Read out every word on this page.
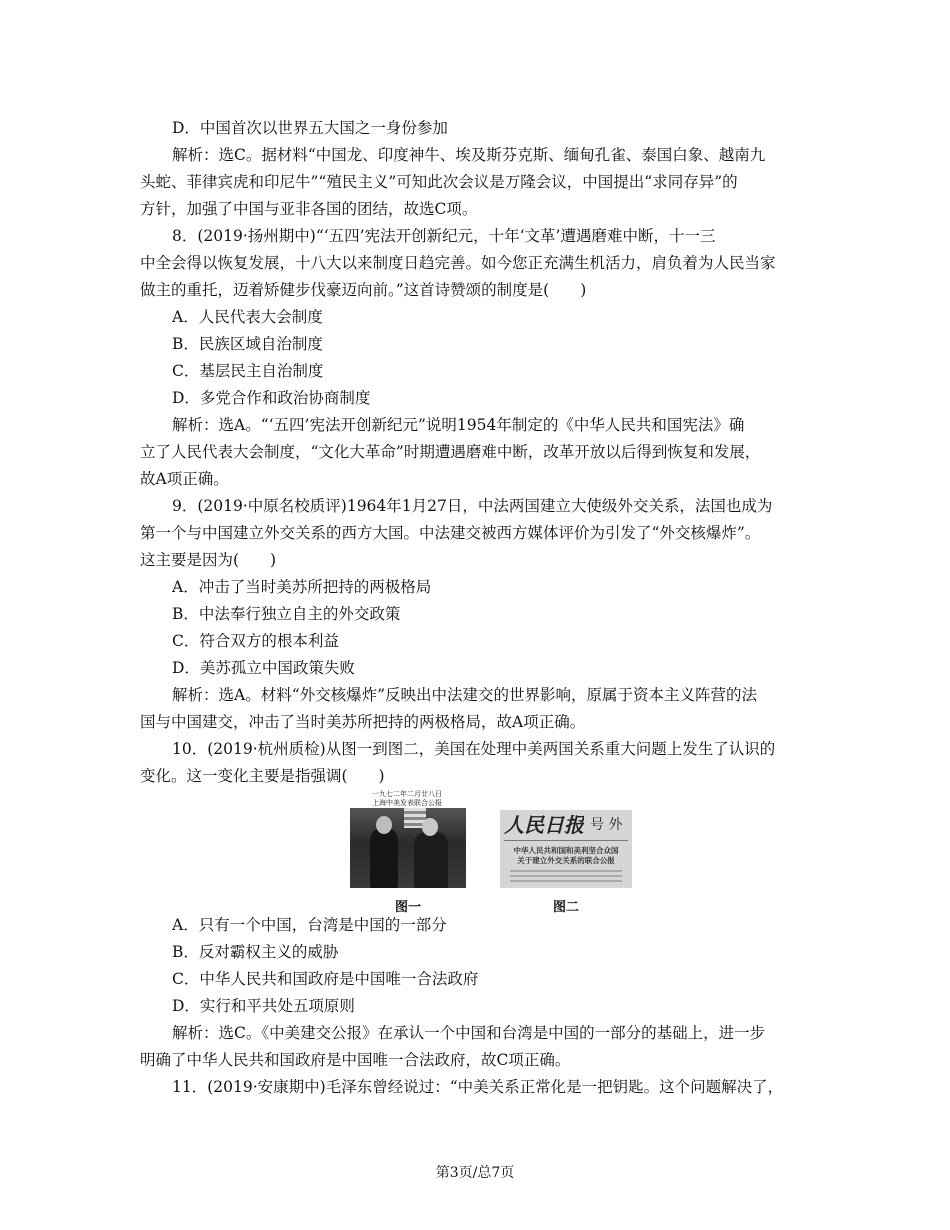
D．中国首次以世界五大国之一身份参加
解析：选C。据材料“中国龙、印度神牛、埃及斯芬克斯、缅甸孔雀、泰国白象、越南九
头蛇、菲律宾虎和印尼牛”“殖民主义”可知此次会议是万隆会议，中国提出“求同存异”的
方针，加强了中国与亚非各国的团结，故选C项。
8．(2019·扬州期中)“‘五四’宪法开创新纪元，十年‘文革’遭遇磨难中断，十一三
中全会得以恢复发展，十八大以来制度日趋完善。如今您正充满生机活力，肩负着为人民当家
做主的重托，迈着矫健步伐豪迈向前。”这首诗赞颂的制度是(　　)
A．人民代表大会制度
B．民族区域自治制度
C．基层民主自治制度
D．多党合作和政治协商制度
解析：选A。“‘五四’宪法开创新纪元”说明1954年制定的《中华人民共和国宪法》确
立了人民代表大会制度，“文化大革命”时期遭遇磨难中断，改革开放以后得到恢复和发展，
故A项正确。
9．(2019·中原名校质评)1964年1月27日，中法两国建立大使级外交关系，法国也成为
第一个与中国建立外交关系的西方大国。中法建交被西方媒体评价为引发了“外交核爆炸”。
这主要是因为(　　)
A．冲击了当时美苏所把持的两极格局
B．中法奉行独立自主的外交政策
C．符合双方的根本利益
D．美苏孤立中国政策失败
解析：选A。材料“外交核爆炸”反映出中法建交的世界影响，原属于资本主义阵营的法
国与中国建交，冲击了当时美苏所把持的两极格局，故A项正确。
10．(2019·杭州质检)从图一到图二，美国在处理中美两国关系重大问题上发生了认识的
变化。这一变化主要是指强调(　　)
一九七二年二月廿八日
上海中美发表联合公报
人民日报 号 外
中华人民共和国和美利坚合众国
关于建立外交关系的联合公报
图一	图二
A．只有一个中国，台湾是中国的一部分
B．反对霸权主义的威胁
C．中华人民共和国政府是中国唯一合法政府
D．实行和平共处五项原则
解析：选C。《中美建交公报》在承认一个中国和台湾是中国的一部分的基础上，进一步
明确了中华人民共和国政府是中国唯一合法政府，故C项正确。
11．(2019·安康期中)毛泽东曾经说过：“中美关系正常化是一把钥匙。这个问题解决了，
第3页/总7页
